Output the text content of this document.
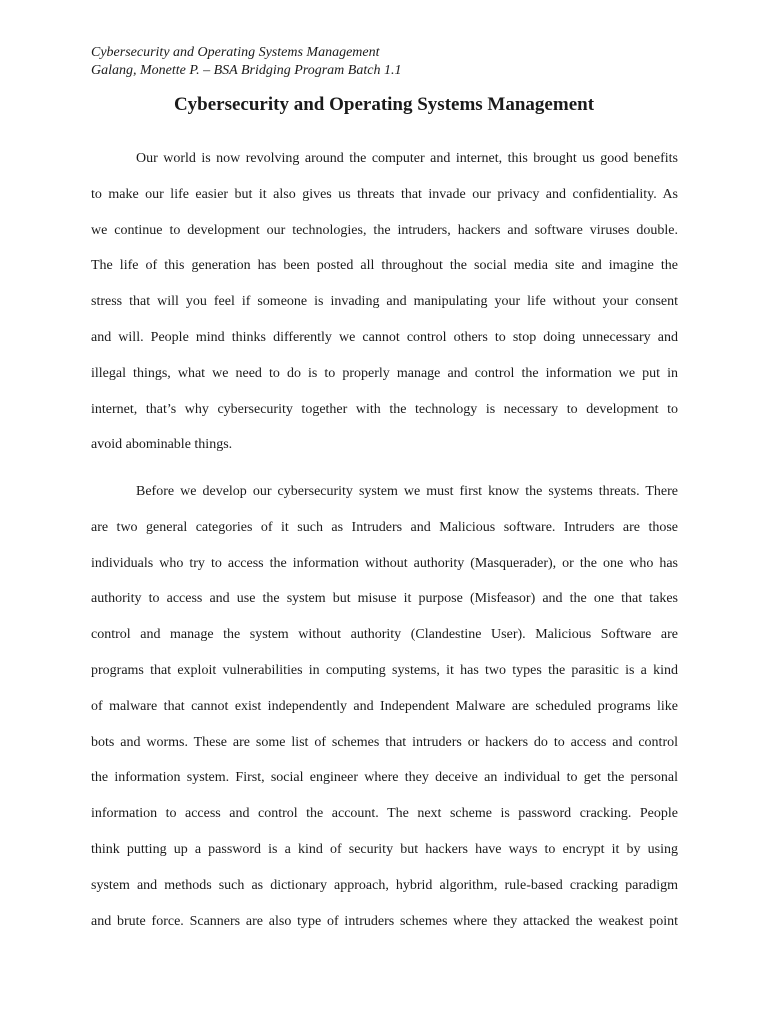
Cybersecurity and Operating Systems Management
Galang, Monette P. – BSA Bridging Program Batch 1.1
Cybersecurity and Operating Systems Management
Our world is now revolving around the computer and internet, this brought us good benefits
to make our life easier but it also gives us threats that invade our privacy and confidentiality. As
we continue to development our technologies, the intruders, hackers and software viruses double.
The life of this generation has been posted all throughout the social media site and imagine the
stress that will you feel if someone is invading and manipulating your life without your consent
and will. People mind thinks differently we cannot control others to stop doing unnecessary and
illegal things, what we need to do is to properly manage and control the information we put in
internet, that’s why cybersecurity together with the technology is necessary to development to
avoid abominable things.
Before we develop our cybersecurity system we must first know the systems threats. There
are two general categories of it such as Intruders and Malicious software. Intruders are those
individuals who try to access the information without authority (Masquerader), or the one who has
authority to access and use the system but misuse it purpose (Misfeasor) and the one that takes
control and manage the system without authority (Clandestine User). Malicious Software are
programs that exploit vulnerabilities in computing systems, it has two types the parasitic is a kind
of malware that cannot exist independently and Independent Malware are scheduled programs like
bots and worms. These are some list of schemes that intruders or hackers do to access and control
the information system. First, social engineer where they deceive an individual to get the personal
information to access and control the account. The next scheme is password cracking. People
think putting up a password is a kind of security but hackers have ways to encrypt it by using
system and methods such as dictionary approach, hybrid algorithm, rule-based cracking paradigm
and brute force. Scanners are also type of intruders schemes where they attacked the weakest point
